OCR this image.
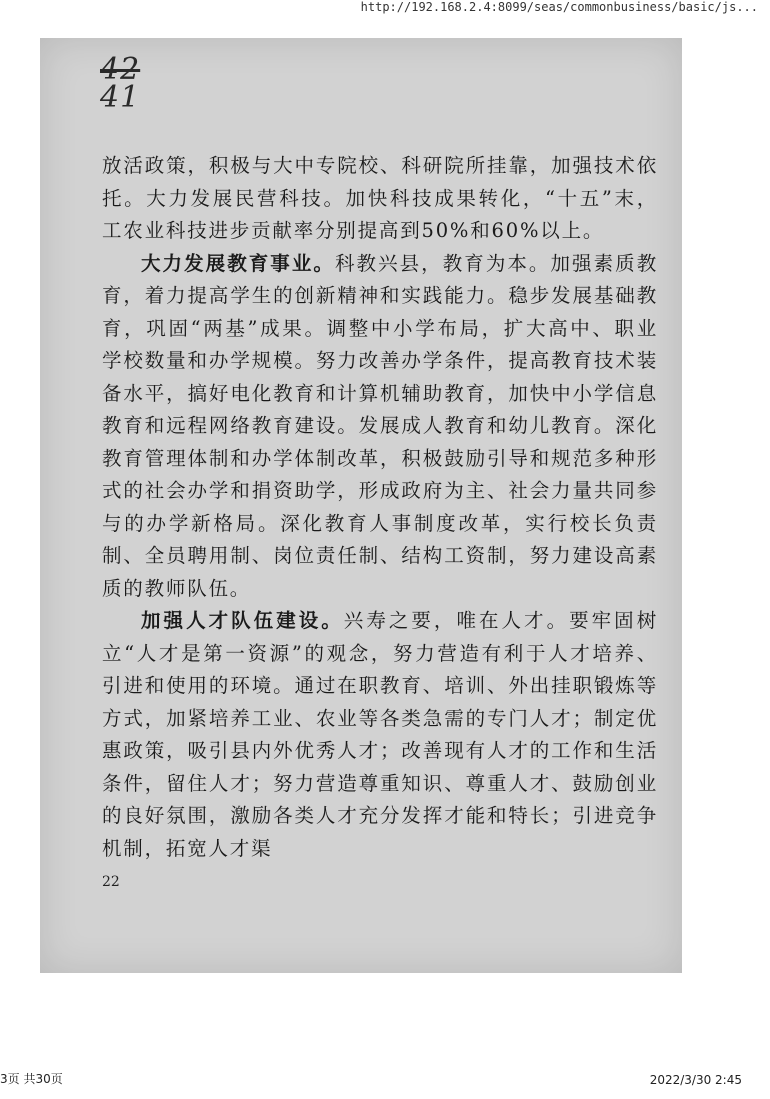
http://192.168.2.4:8099/seas/commonbusiness/basic/js...
42
41

放活政策，积极与大中专院校、科研院所挂靠，加强技术依托。大力发展民营科技。加快科技成果转化，“十五”末，工农业科技进步贡献率分别提高到50%和60%以上。

大力发展教育事业。科教兴县，教育为本。加强素质教育，着力提高学生的创新精神和实践能力。稳步发展基础教育，巩固“两基”成果。调整中小学布局，扩大高中、职业学校数量和办学规模。努力改善办学条件，提高教育技术装备水平，搞好电化教育和计算机辅助教育，加快中小学信息教育和远程网络教育建设。发展成人教育和幼儿教育。深化教育管理体制和办学体制改革，积极鼓励引导和规范多种形式的社会办学和捐资助学，形成政府为主、社会力量共同参与的办学新格局。深化教育人事制度改革，实行校长负责制、全员聘用制、岗位责任制、结构工资制，努力建设高素质的教师队伍。

加强人才队伍建设。兴寿之要，唯在人才。要牢固树立“人才是第一资源”的观念，努力营造有利于人才培养、引进和使用的环境。通过在职教育、培训、外出挂职锻炼等方式，加紧培养工业、农业等各类急需的专门人才；制定优惠政策，吸引县内外优秀人才；改善现有人才的工作和生活条件，留住人才；努力营造尊重知识、尊重人才、鼓励创业的良好氛围，激励各类人才充分发挥才能和特长；引进竞争机制，拓宽人才渠

22
3页 共30页	2022/3/30 2:45
